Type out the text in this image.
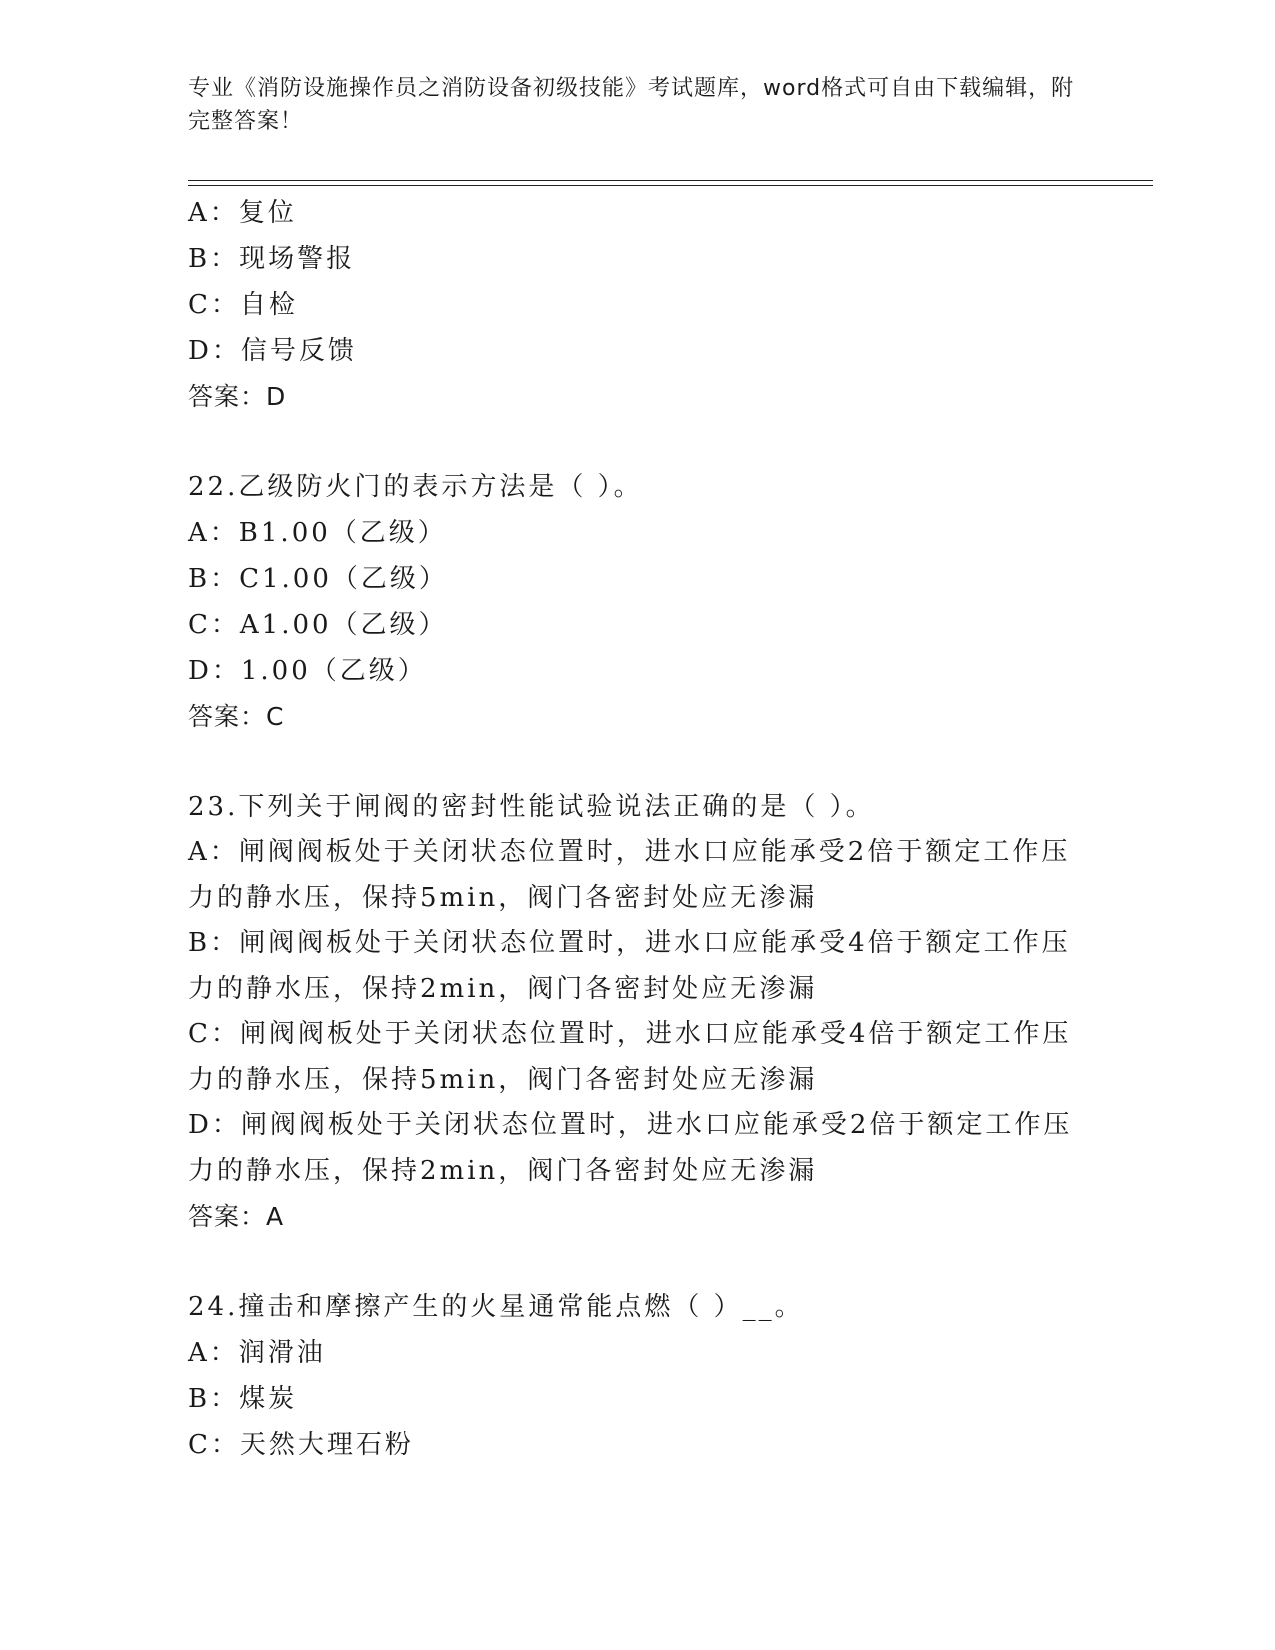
专业《消防设施操作员之消防设备初级技能》考试题库，word格式可自由下载编辑，附完整答案！
A：复位
B：现场警报
C：自检
D：信号反馈
答案：D
22.乙级防火门的表示方法是（ ）。
A：B1.00（乙级）
B：C1.00（乙级）
C：A1.00（乙级）
D：1.00（乙级）
答案：C
23.下列关于闸阀的密封性能试验说法正确的是（ ）。
A：闸阀阀板处于关闭状态位置时，进水口应能承受2倍于额定工作压力的静水压，保持5min，阀门各密封处应无渗漏
B：闸阀阀板处于关闭状态位置时，进水口应能承受4倍于额定工作压力的静水压，保持2min，阀门各密封处应无渗漏
C：闸阀阀板处于关闭状态位置时，进水口应能承受4倍于额定工作压力的静水压，保持5min，阀门各密封处应无渗漏
D：闸阀阀板处于关闭状态位置时，进水口应能承受2倍于额定工作压力的静水压，保持2min，阀门各密封处应无渗漏
答案：A
24.撞击和摩擦产生的火星通常能点燃（ ）__。
A：润滑油
B：煤炭
C：天然大理石粉
